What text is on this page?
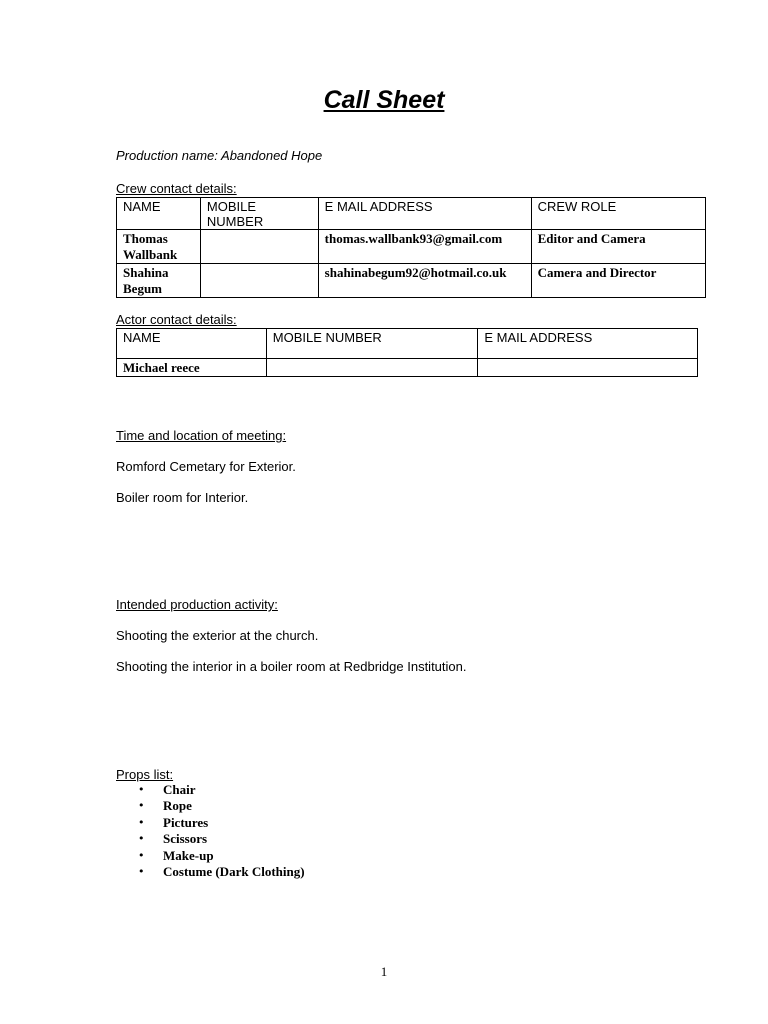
Call Sheet

Production name: Abandoned Hope

Crew contact details:

NAME	MOBILE NUMBER	E MAIL ADDRESS	CREW ROLE
Thomas Wallbank		thomas.wallbank93@gmail.com	Editor and Camera
Shahina Begum		shahinabegum92@hotmail.co.uk	Camera and Director

Actor contact details:

NAME	MOBILE NUMBER	E MAIL ADDRESS
Michael reece		

Time and location of meeting:

Romford Cemetary for Exterior.

Boiler room for Interior.

Intended production activity:

Shooting the exterior at the church.

Shooting the interior in a boiler room at Redbridge Institution.

Props list:

• Chair
• Rope
• Pictures
• Scissors
• Make-up
• Costume (Dark Clothing)
1
